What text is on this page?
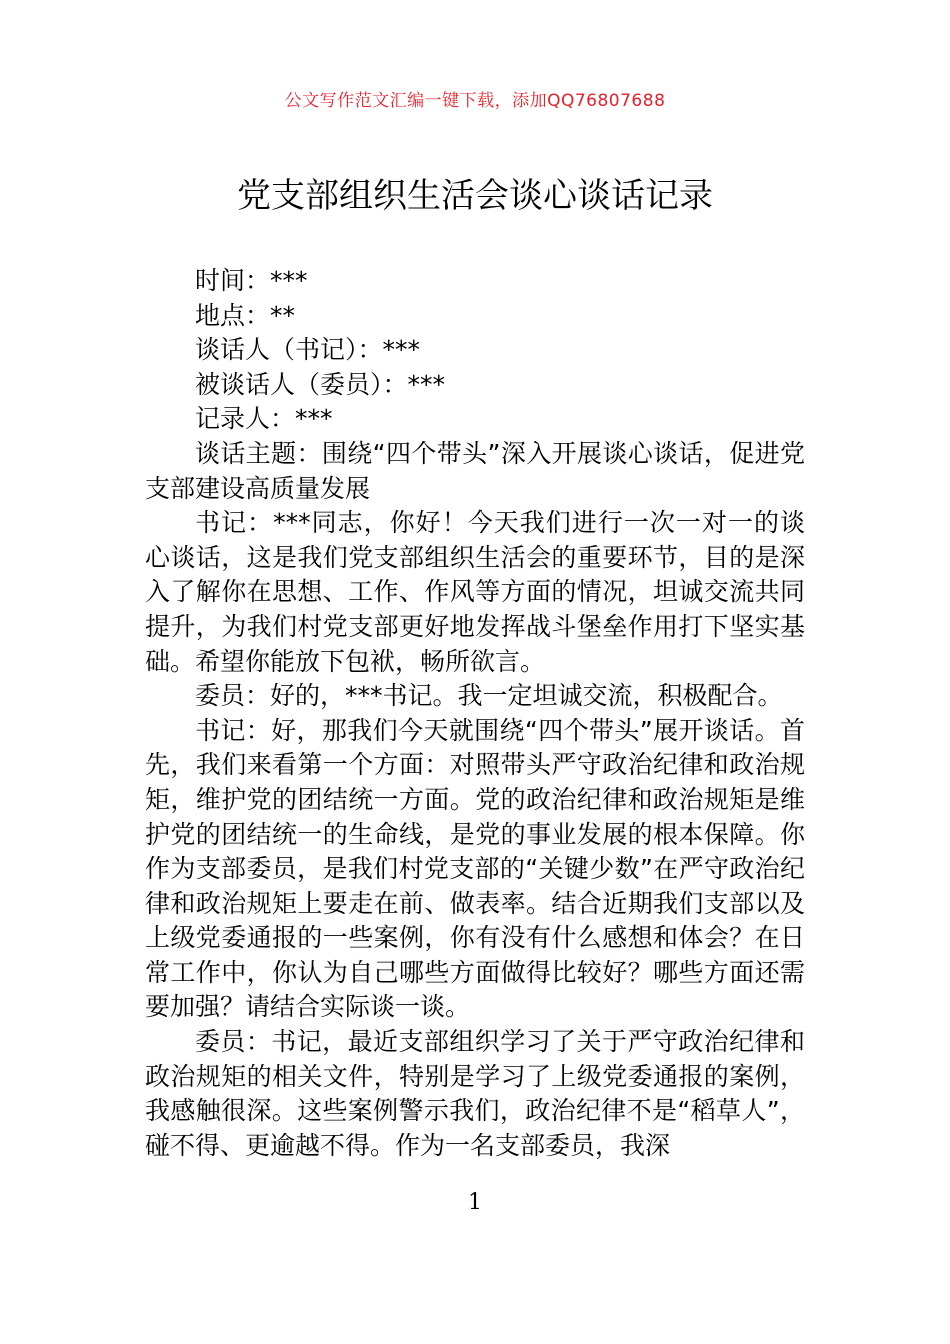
公文写作范文汇编一键下载，添加QQ76807688
党支部组织生活会谈心谈话记录

时间：***

地点：**

谈话人（书记）：***

被谈话人（委员）：***

记录人：***

谈话主题：围绕“四个带头”深入开展谈心谈话，促进党支部建设高质量发展

书记：***同志，你好！今天我们进行一次一对一的谈心谈话，这是我们党支部组织生活会的重要环节，目的是深入了解你在思想、工作、作风等方面的情况，坦诚交流共同提升，为我们村党支部更好地发挥战斗堡垒作用打下坚实基础。希望你能放下包袱，畅所欲言。

委员：好的，***书记。我一定坦诚交流，积极配合。

书记：好，那我们今天就围绕“四个带头”展开谈话。首先，我们来看第一个方面：对照带头严守政治纪律和政治规矩，维护党的团结统一方面。党的政治纪律和政治规矩是维护党的团结统一的生命线，是党的事业发展的根本保障。你作为支部委员，是我们村党支部的“关键少数”在严守政治纪律和政治规矩上要走在前、做表率。结合近期我们支部以及上级党委通报的一些案例，你有没有什么感想和体会？在日常工作中，你认为自己哪些方面做得比较好？哪些方面还需要加强？请结合实际谈一谈。

委员：书记，最近支部组织学习了关于严守政治纪律和政治规矩的相关文件，特别是学习了上级党委通报的案例，我感触很深。这些案例警示我们，政治纪律不是“稻草人”，碰不得、更逾越不得。作为一名支部委员，我深

1
